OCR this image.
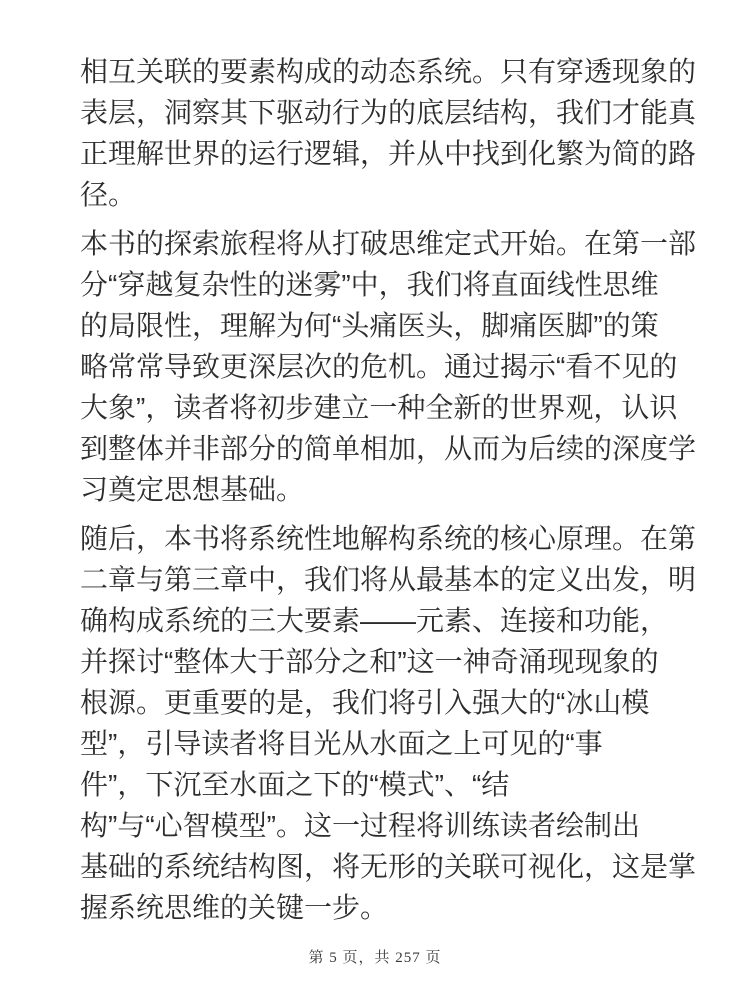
相互关联的要素构成的动态系统。只有穿透现象的
表层，洞察其下驱动行为的底层结构，我们才能真
正理解世界的运行逻辑，并从中找到化繁为简的路
径。

本书的探索旅程将从打破思维定式开始。在第一部
分“穿越复杂性的迷雾”中，我们将直面线性思维
的局限性，理解为何“头痛医头，脚痛医脚”的策
略常常导致更深层次的危机。通过揭示“看不见的
大象”，读者将初步建立一种全新的世界观，认识
到整体并非部分的简单相加，从而为后续的深度学
习奠定思想基础。

随后，本书将系统性地解构系统的核心原理。在第
二章与第三章中，我们将从最基本的定义出发，明
确构成系统的三大要素——元素、连接和功能，
并探讨“整体大于部分之和”这一神奇涌现现象的
根源。更重要的是，我们将引入强大的“冰山模
型”，引导读者将目光从水面之上可见的“事
件”，下沉至水面之下的“模式”、“结
构”与“心智模型”。这一过程将训练读者绘制出
基础的系统结构图，将无形的关联可视化，这是掌
握系统思维的关键一步。

第 5 页，共 257 页
